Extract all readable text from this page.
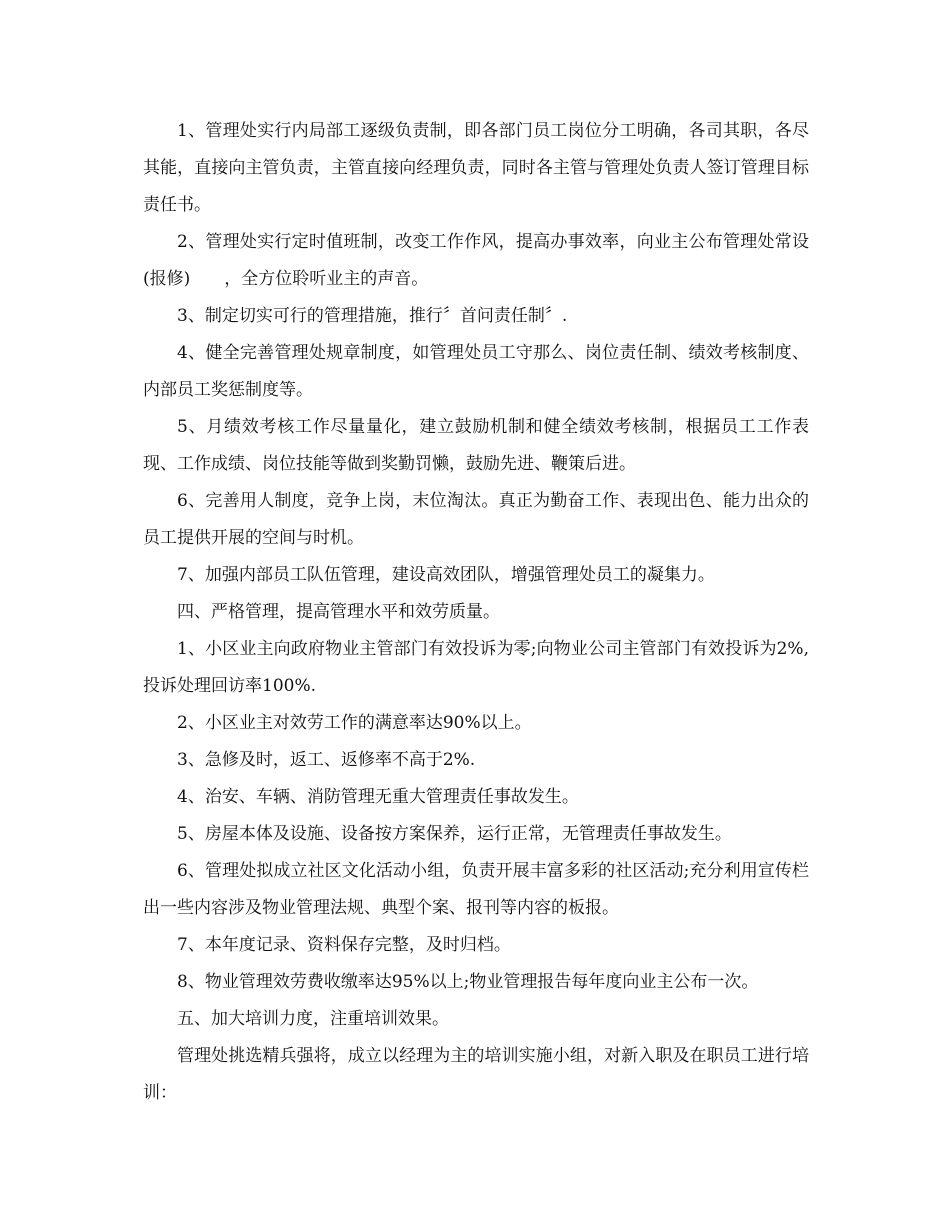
1、管理处实行内局部工逐级负责制，即各部门员工岗位分工明确，各司其职，各尽其能，直接向主管负责，主管直接向经理负责，同时各主管与管理处负责人签订管理目标责任书。

2、管理处实行定时值班制，改变工作作风，提高办事效率，向业主公布管理处常设(报修)　　，全方位聆听业主的声音。

3、制定切实可行的管理措施，推行〞首问责任制〞.

4、健全完善管理处规章制度，如管理处员工守那么、岗位责任制、绩效考核制度、内部员工奖惩制度等。

5、月绩效考核工作尽量量化，建立鼓励机制和健全绩效考核制，根据员工工作表现、工作成绩、岗位技能等做到奖勤罚懒，鼓励先进、鞭策后进。

6、完善用人制度，竞争上岗，末位淘汰。真正为勤奋工作、表现出色、能力出众的员工提供开展的空间与时机。

7、加强内部员工队伍管理，建设高效团队，增强管理处员工的凝集力。

四、严格管理，提高管理水平和效劳质量。

1、小区业主向政府物业主管部门有效投诉为零;向物业公司主管部门有效投诉为2%,投诉处理回访率100%.

2、小区业主对效劳工作的满意率达90%以上。

3、急修及时，返工、返修率不高于2%.

4、治安、车辆、消防管理无重大管理责任事故发生。

5、房屋本体及设施、设备按方案保养，运行正常，无管理责任事故发生。

6、管理处拟成立社区文化活动小组，负责开展丰富多彩的社区活动;充分利用宣传栏出一些内容涉及物业管理法规、典型个案、报刊等内容的板报。

7、本年度记录、资料保存完整，及时归档。

8、物业管理效劳费收缴率达95%以上;物业管理报告每年度向业主公布一次。

五、加大培训力度，注重培训效果。

管理处挑选精兵强将，成立以经理为主的培训实施小组，对新入职及在职员工进行培训：
